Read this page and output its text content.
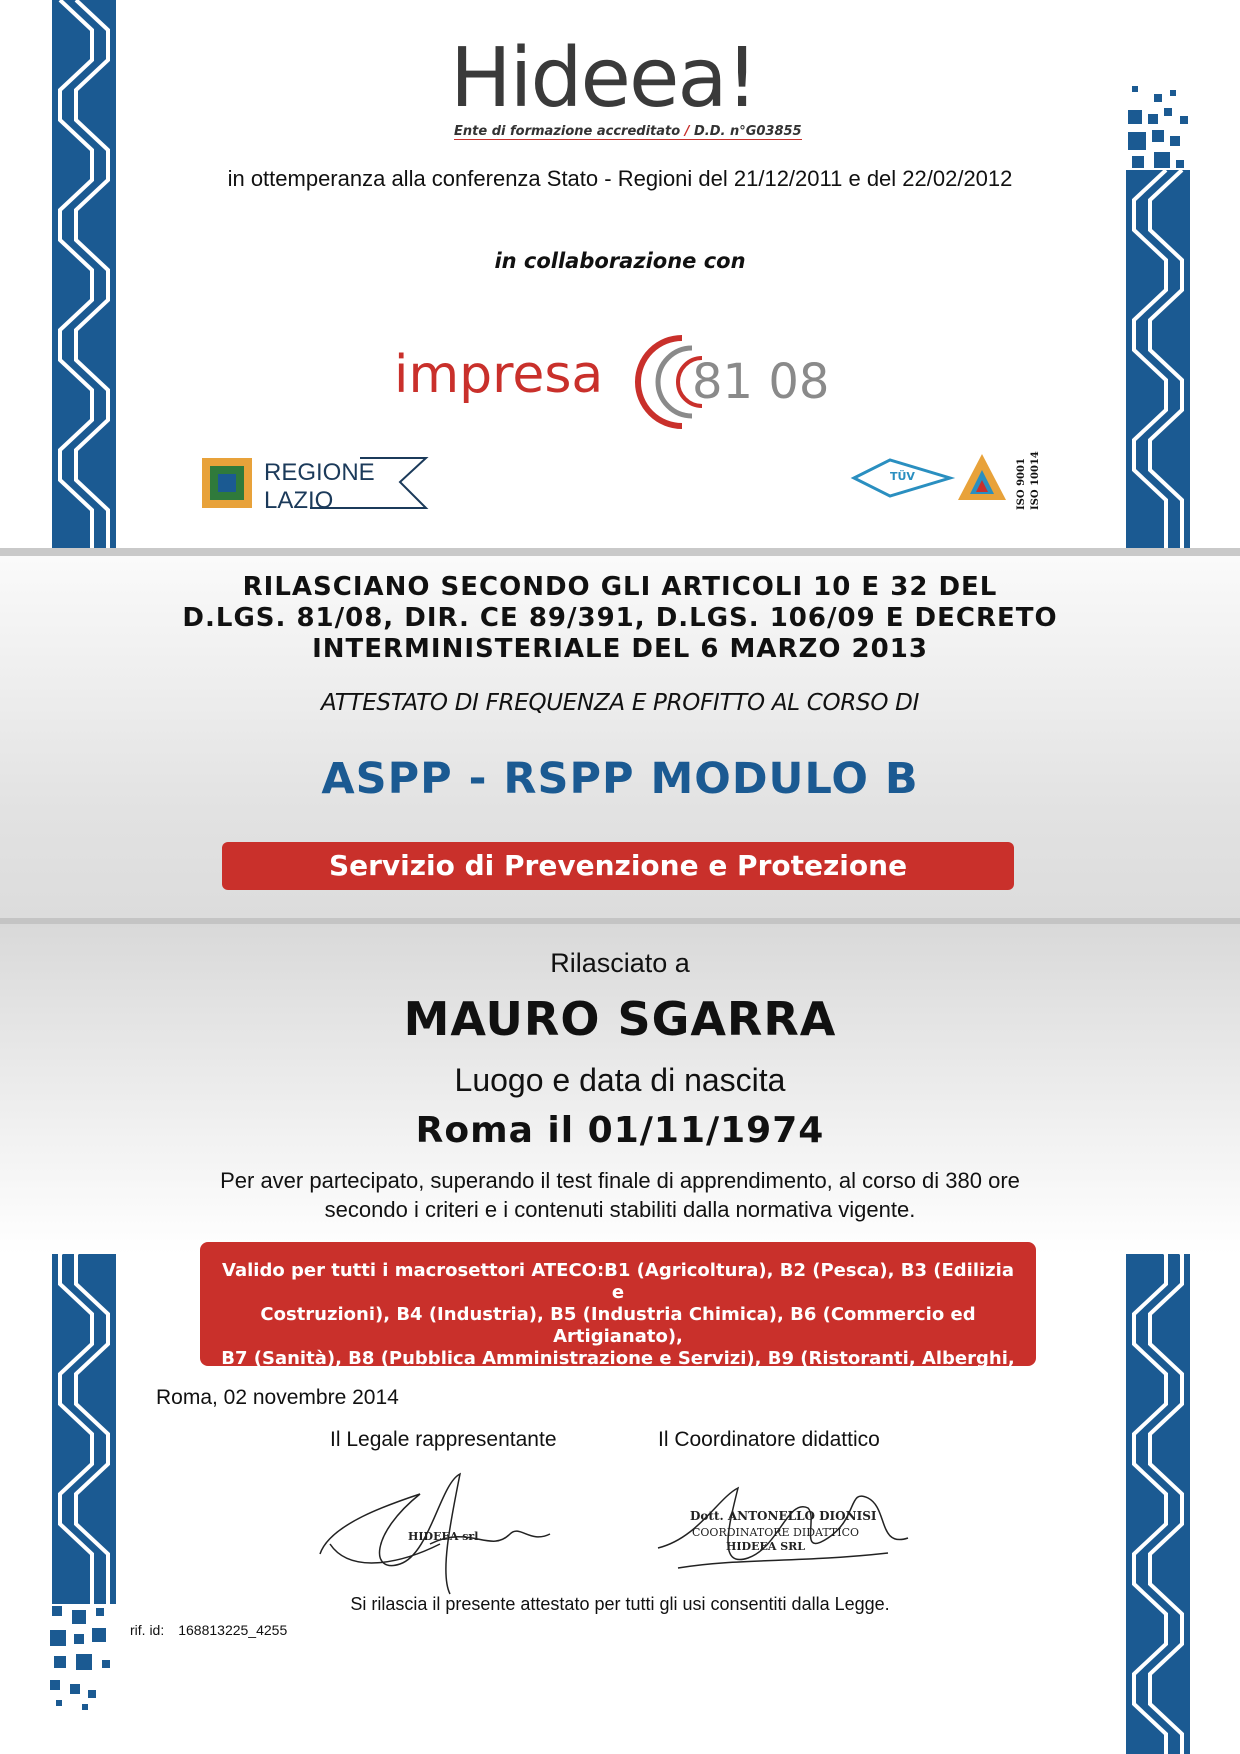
Hideea!
Ente di formazione accreditato / D.D. n°G03855
in ottemperanza alla conferenza Stato - Regioni del 21/12/2011 e del 22/02/2012
in collaborazione con
impresa 81 08
REGIONE
LAZIO
TÜV	ISO 9001 ISO 10014
RILASCIANO SECONDO GLI ARTICOLI 10 E 32 DEL
D.LGS. 81/08, DIR. CE 89/391, D.LGS. 106/09 E DECRETO
INTERMINISTERIALE DEL 6 MARZO 2013
ATTESTATO DI FREQUENZA E PROFITTO AL CORSO DI
ASPP - RSPP MODULO B
Servizio di Prevenzione e Protezione
Rilasciato a
MAURO SGARRA
Luogo e data di nascita
Roma il 01/11/1974
Per aver partecipato, superando il test finale di apprendimento, al corso di 380 ore
secondo i criteri e i contenuti stabiliti dalla normativa vigente.
Valido per tutti i macrosettori ATECO:B1 (Agricoltura), B2 (Pesca), B3 (Edilizia e
Costruzioni), B4 (Industria), B5 (Industria Chimica), B6 (Commercio ed Artigianato),
B7 (Sanità), B8 (Pubblica Amministrazione e Servizi), B9 (Ristoranti, Alberghi,
Assicurazioni, Associazioni di tutti i tipi)
Roma, 02 novembre 2014
Il Legale rappresentante	Il Coordinatore didattico
HIDEEA srl
Dott. ANTONELLO DIONISI
COORDINATORE DIDATTICO
HIDEEA SRL
Si rilascia il presente attestato per tutti gli usi consentiti dalla Legge.
rif. id: 168813225_4255
